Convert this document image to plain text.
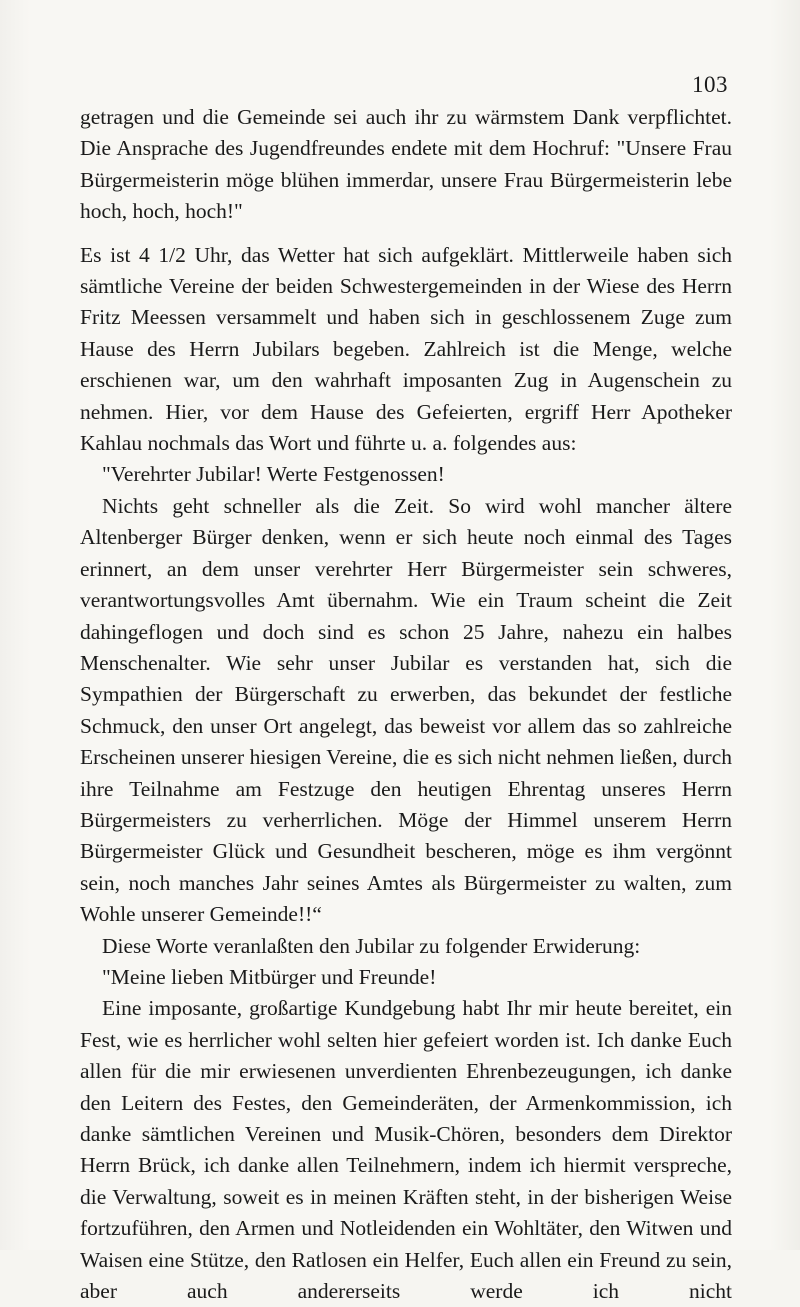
103

getragen und die Gemeinde sei auch ihr zu wärmstem Dank verpflichtet. Die Ansprache des Jugendfreundes endete mit dem Hochruf: "Unsere Frau Bürgermeisterin möge blühen immerdar, unsere Frau Bürgermeisterin lebe hoch, hoch, hoch!"

Es ist 4 1/2 Uhr, das Wetter hat sich aufgeklärt. Mittlerweile haben sich sämtliche Vereine der beiden Schwestergemeinden in der Wiese des Herrn Fritz Meessen versammelt und haben sich in geschlossenem Zuge zum Hause des Herrn Jubilars begeben. Zahlreich ist die Menge, welche erschienen war, um den wahrhaft imposanten Zug in Augenschein zu nehmen. Hier, vor dem Hause des Gefeierten, ergriff Herr Apotheker Kahlau nochmals das Wort und führte u. a. folgendes aus:

"Verehrter Jubilar! Werte Festgenossen!

Nichts geht schneller als die Zeit. So wird wohl mancher ältere Altenberger Bürger denken, wenn er sich heute noch einmal des Tages erinnert, an dem unser verehrter Herr Bürgermeister sein schweres, verantwortungsvolles Amt übernahm. Wie ein Traum scheint die Zeit dahingeflogen und doch sind es schon 25 Jahre, nahezu ein halbes Menschenalter. Wie sehr unser Jubilar es verstanden hat, sich die Sympathien der Bürgerschaft zu erwerben, das bekundet der festliche Schmuck, den unser Ort angelegt, das beweist vor allem das so zahlreiche Erscheinen unserer hiesigen Vereine, die es sich nicht nehmen ließen, durch ihre Teilnahme am Festzuge den heutigen Ehrentag unseres Herrn Bürgermeisters zu verherrlichen. Möge der Himmel unserem Herrn Bürgermeister Glück und Gesundheit bescheren, möge es ihm vergönnt sein, noch manches Jahr seines Amtes als Bürgermeister zu walten, zum Wohle unserer Gemeinde!!“

Diese Worte veranlaßten den Jubilar zu folgender Erwiderung:

"Meine lieben Mitbürger und Freunde!

Eine imposante, großartige Kundgebung habt Ihr mir heute bereitet, ein Fest, wie es herrlicher wohl selten hier gefeiert worden ist. Ich danke Euch allen für die mir erwiesenen unverdienten Ehrenbezeugungen, ich danke den Leitern des Festes, den Gemeinderäten, der Armenkommission, ich danke sämtlichen Vereinen und Musik-Chören, besonders dem Direktor Herrn Brück, ich danke allen Teilnehmern, indem ich hiermit verspreche, die Verwaltung, soweit es in meinen Kräften steht, in der bisherigen Weise fortzuführen, den Armen und Notleidenden ein Wohltäter, den Witwen und Waisen eine Stütze, den Ratlosen ein Helfer, Euch allen ein Freund zu sein, aber auch andererseits werde ich nicht
